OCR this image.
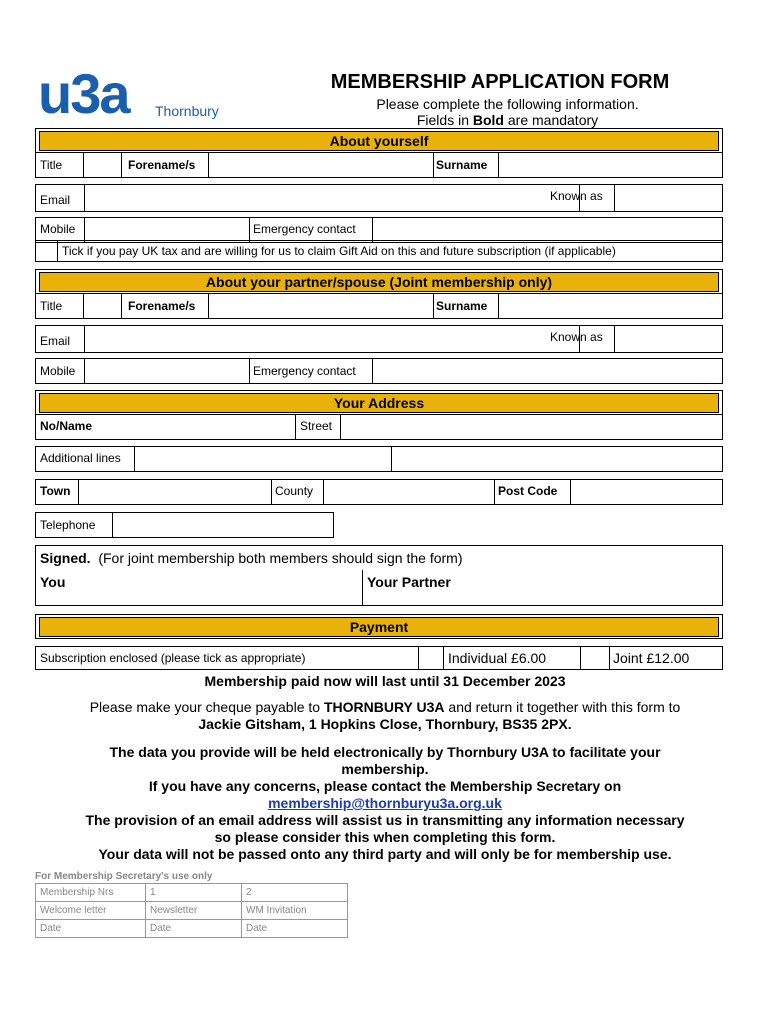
u3a Thornbury
MEMBERSHIP APPLICATION FORM
Please complete the following information.
Fields in Bold are mandatory
About yourself
Title	Forename/s	Surname
Email	Known as
Mobile	Emergency contact
Tick if you pay UK tax and are willing for us to claim Gift Aid on this and future subscription (if applicable)
About your partner/spouse (Joint membership only)
Title	Forename/s	Surname
Email	Known as
Mobile	Emergency contact
Your Address
No/Name	Street
Additional lines
Town	County	Post Code
Telephone
Signed. (For joint membership both members should sign the form)
You	Your Partner
Payment
Subscription enclosed (please tick as appropriate)	Individual £6.00	Joint £12.00
Membership paid now will last until 31 December 2023
Please make your cheque payable to THORNBURY U3A and return it together with this form to
Jackie Gitsham, 1 Hopkins Close, Thornbury, BS35 2PX.
The data you provide will be held electronically by Thornbury U3A to facilitate your
membership.
If you have any concerns, please contact the Membership Secretary on
membership@thornburyu3a.org.uk
The provision of an email address will assist us in transmitting any information necessary
so please consider this when completing this form.
Your data will not be passed onto any third party and will only be for membership use.
For Membership Secretary's use only
Membership Nrs	1	2
Welcome letter	Newsletter	WM Invitation
Date	Date	Date
